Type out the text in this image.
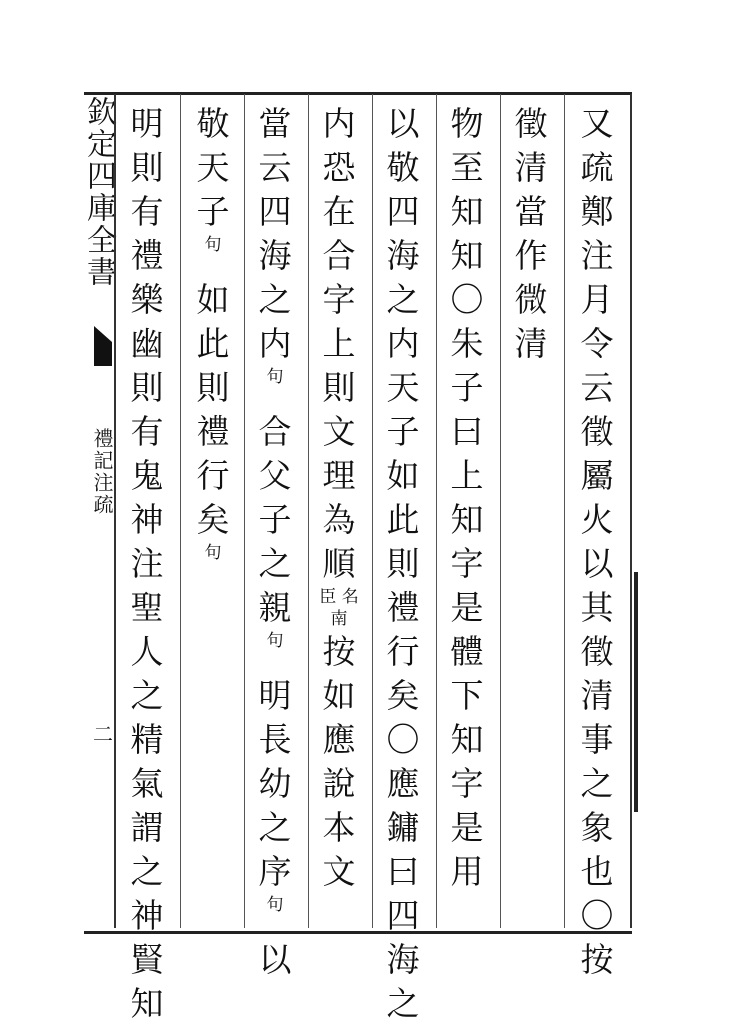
欽定四庫全書
禮記注疏
二
又
疏
鄭
注
月
令
云
徵
屬
火
以
其
徵
清
事
之
象
也
〇
按
徵
清
當
作
微
清
物
至
知
知
〇
朱
子
曰
上
知
字
是
體
下
知
字
是
用
以
敬
四
海
之
内
天
子
如
此
則
禮
行
矣
〇
應
鏞
曰
四
海
之
内
恐
在
合
字
上
則
文
理
為
順
臣 名 南
按
如
應
說
本
文
當
云
四
海
之
内
句
合
父
子
之
親
句
明
長
幼
之
序
句
以
敬
天
子
句
如
此
則
禮
行
矣
句
明
則
有
禮
樂
幽
則
有
鬼
神
注
聖
人
之
精
氣
謂
之
神
賢
知
